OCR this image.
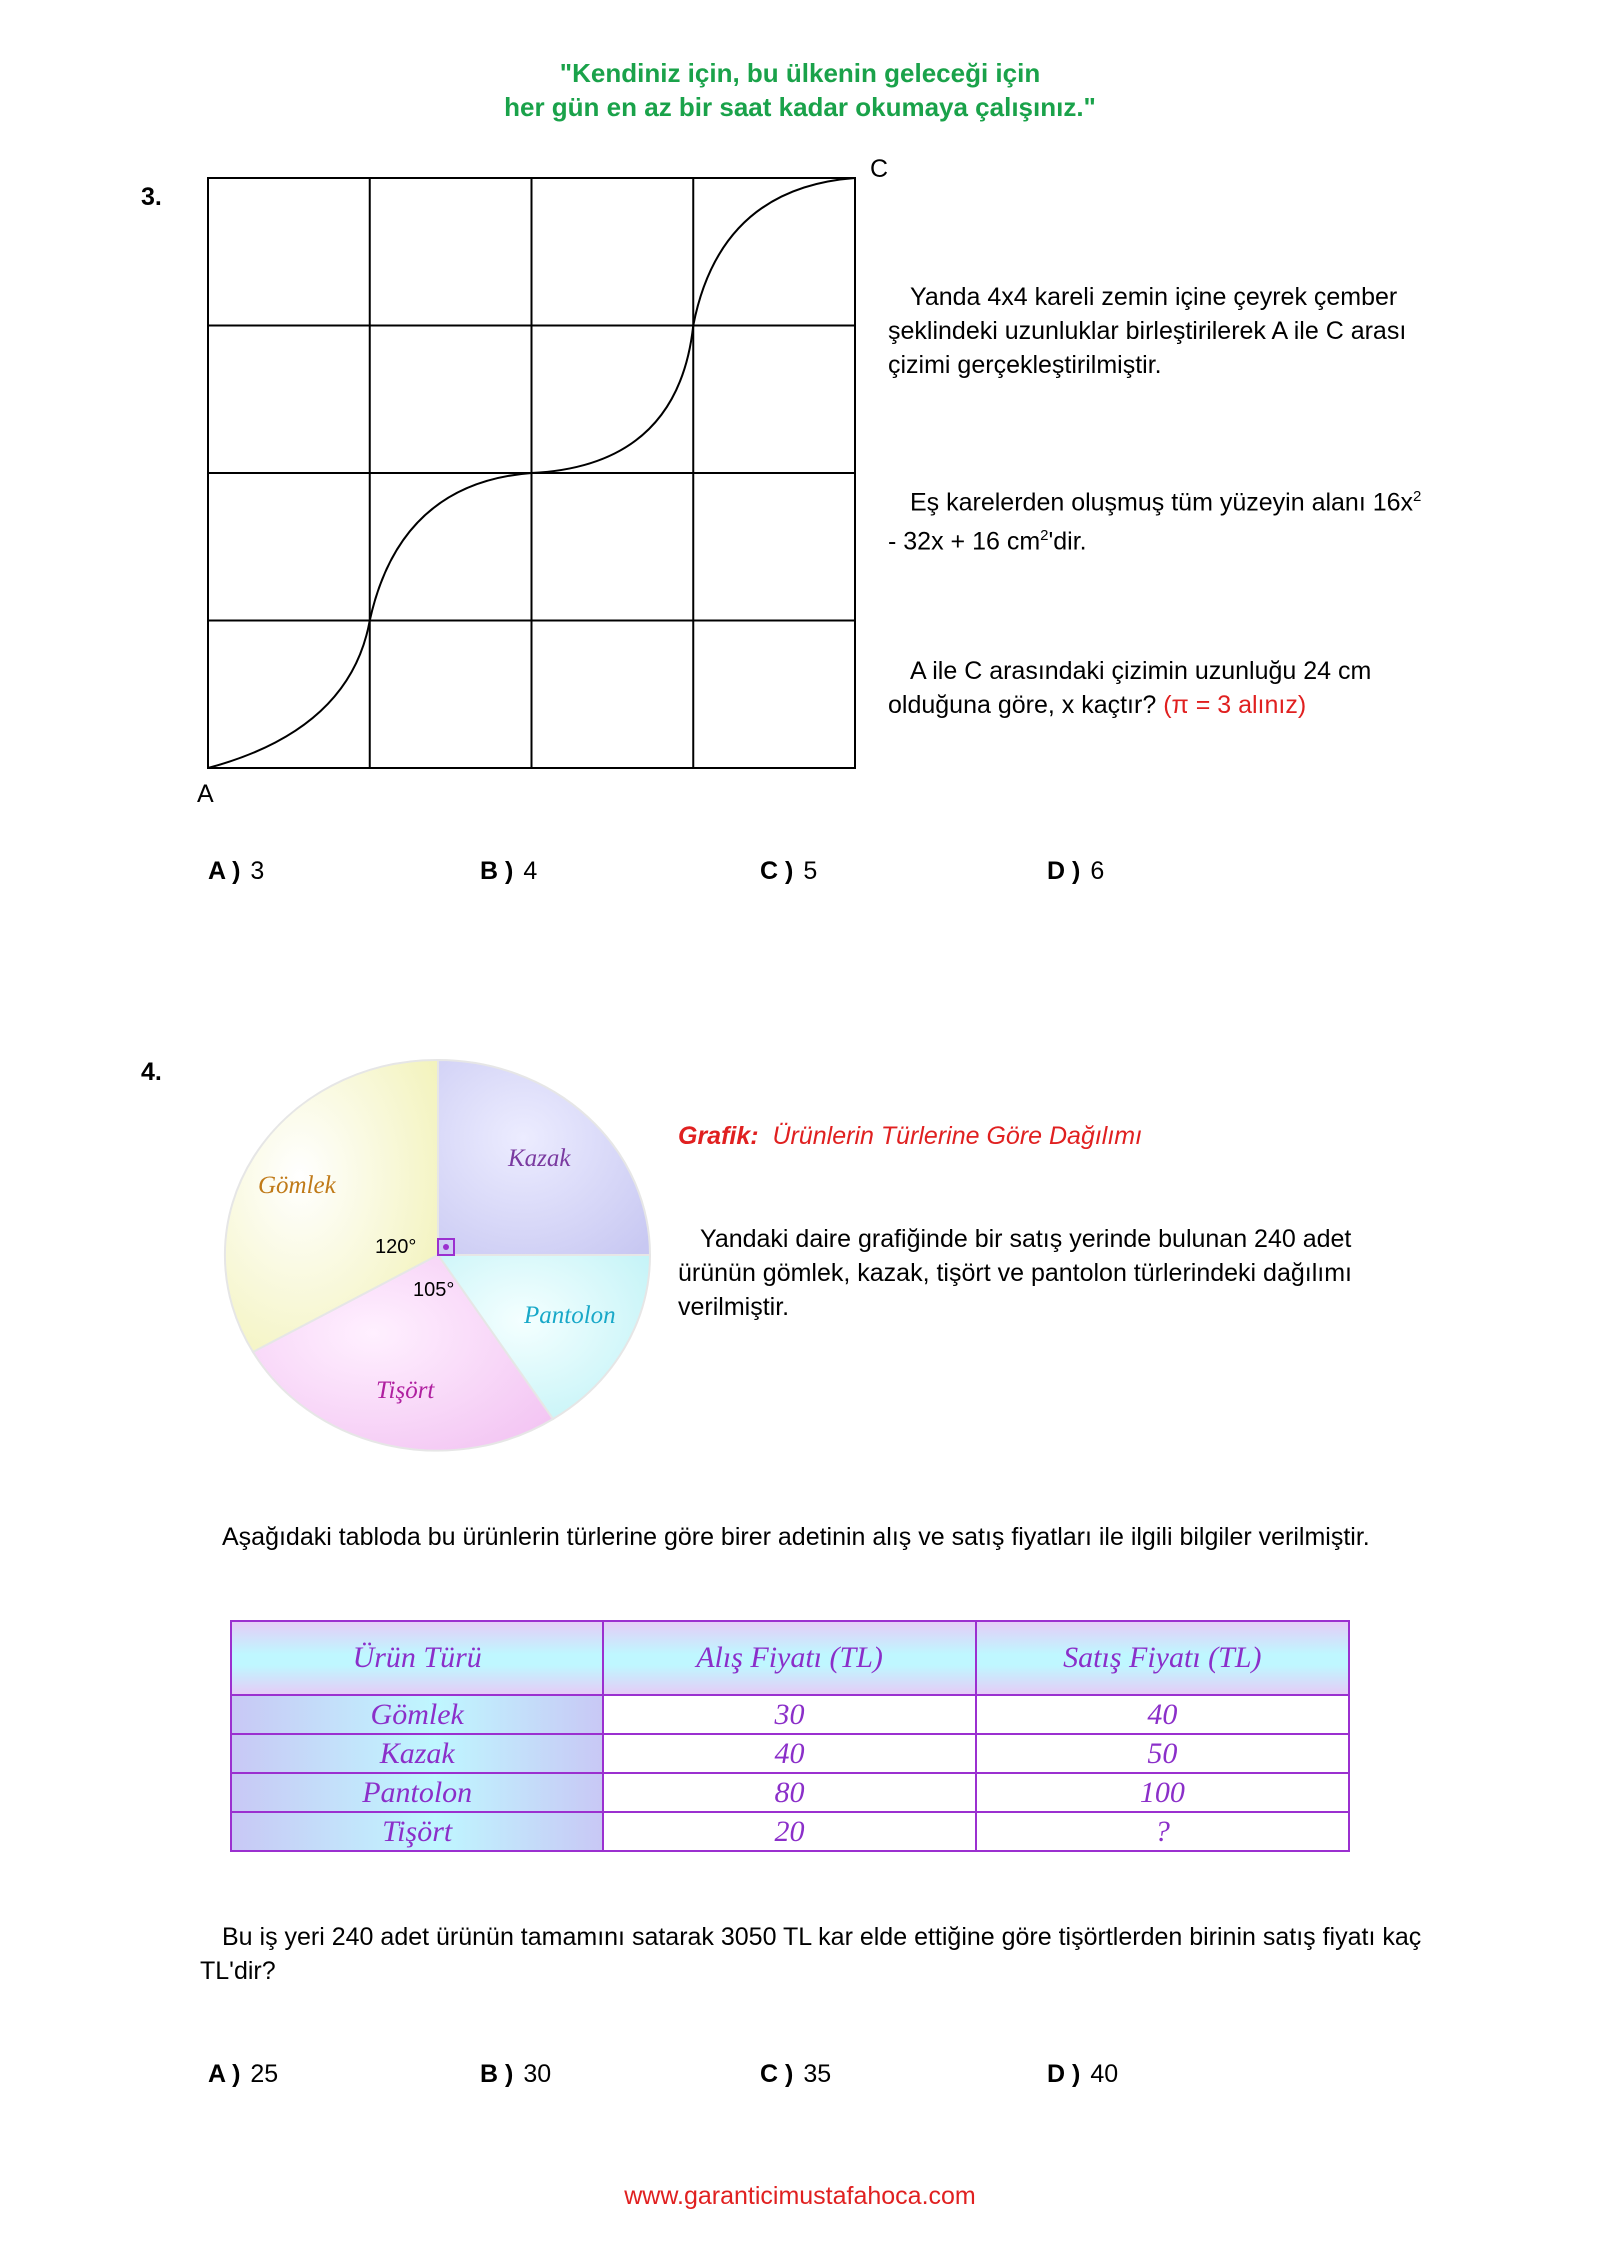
"Kendiniz için, bu ülkenin geleceği için
her gün en az bir saat kadar okumaya çalışınız."
3.
C
A

Yanda 4x4 kareli zemin içine çeyrek çember şeklindeki uzunluklar birleştirilerek A ile C arası çizimi gerçekleştirilmiştir.

Eş karelerden oluşmuş tüm yüzeyin alanı $16x^2 - 32x + 16$ $cm^2'dir$.

A ile C arasındaki çizimin uzunluğu 24 cm olduğuna göre, x kaçtır? (π = 3 alınız)

A ) 3	B ) 4	C ) 5	D ) 6
4.
Gömlek
Kazak
Pantolon
Tişört
120°
105°
Grafik: Ürünlerin Türlerine Göre Dağılımı

Yandaki daire grafiğinde bir satış yerinde bulunan 240 adet ürünün gömlek, kazak, tişört ve pantolon türlerindeki dağılımı verilmiştir.

Aşağıdaki tabloda bu ürünlerin türlerine göre birer adetinin alış ve satış fiyatları ile ilgili bilgiler verilmiştir.

Ürün Türü	Alış Fiyatı (TL)	Satış Fiyatı (TL)
Gömlek	30	40
Kazak	40	50
Pantolon	80	100
Tişört	20	?

Bu iş yeri 240 adet ürünün tamamını satarak 3050 TL kar elde ettiğine göre tişörtlerden birinin satış fiyatı kaç TL'dir?

A ) 25	B ) 30	C ) 35	D ) 40
www.garanticimustafahoca.com
